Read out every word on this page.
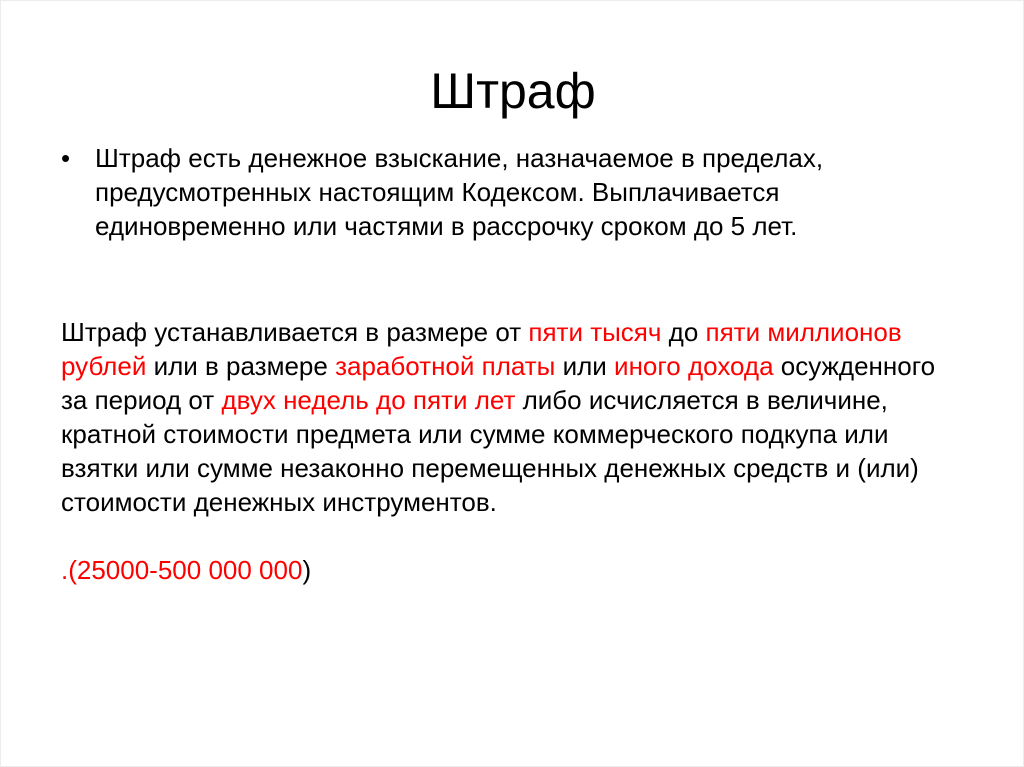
Штраф
• Штраф есть денежное взыскание, назначаемое в пределах, предусмотренных настоящим Кодексом. Выплачивается единовременно или частями в рассрочку сроком до 5 лет.

Штраф устанавливается в размере от пяти тысяч до пяти миллионов рублей или в размере заработной платы или иного дохода осужденного за период от двух недель до пяти лет либо исчисляется в величине, кратной стоимости предмета или сумме коммерческого подкупа или взятки или сумме незаконно перемещенных денежных средств и (или) стоимости денежных инструментов.

.(25000-500 000 000)
